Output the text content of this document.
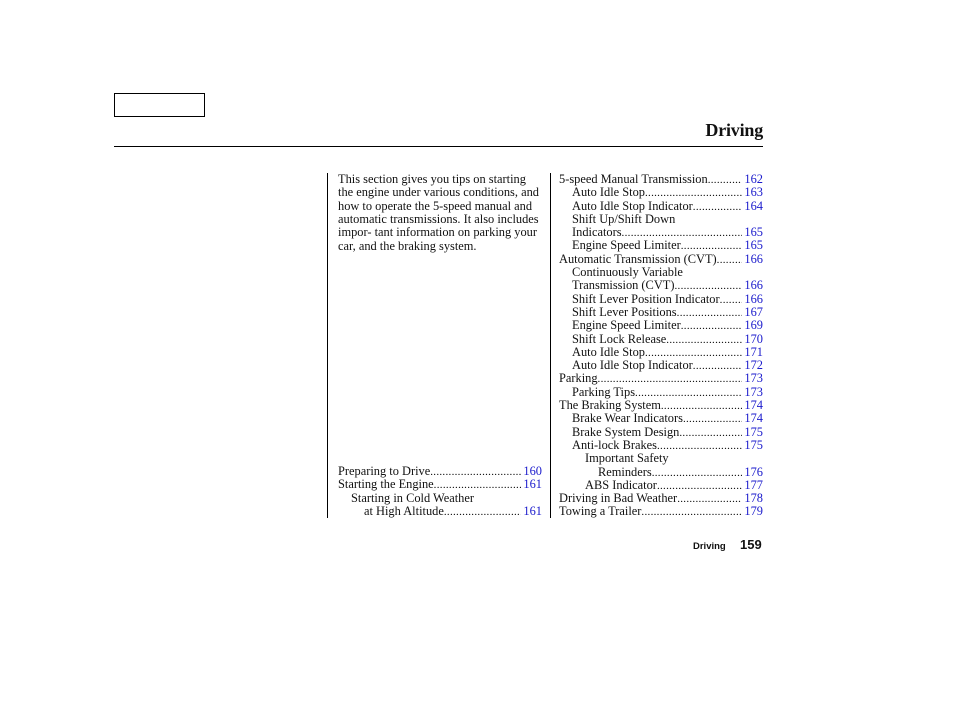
Driving

This section gives you tips on starting the engine under various conditions, and how to operate the 5-speed manual and automatic transmissions. It also includes impor- tant information on parking your car, and the braking system.

Preparing to Drive .....	160
Starting the Engine .....	161
Starting in Cold Weather
at High Altitude .....	161
5-speed Manual Transmission .....	162
Auto Idle Stop .....	163
Auto Idle Stop Indicator .....	164
Shift Up/Shift Down
Indicators .....	165
Engine Speed Limiter .....	165
Automatic Transmission (CVT) ..... 166
Continuously Variable
Transmission (CVT) .....	166
Shift Lever Position Indicator ..... 166
Shift Lever Positions .....	167
Engine Speed Limiter .....	169
Shift Lock Release .....	170
Auto Idle Stop .....	171
Auto Idle Stop Indicator .....	172
Parking .....	173
Parking Tips .....	173
The Braking System .....	174
Brake Wear Indicators .....	174
Brake System Design .....	175
Anti-lock Brakes .....	175
Important Safety
Reminders .....	176
ABS Indicator .....	177
Driving in Bad Weather .....	178
Towing a Trailer .....	179
Driving 159
